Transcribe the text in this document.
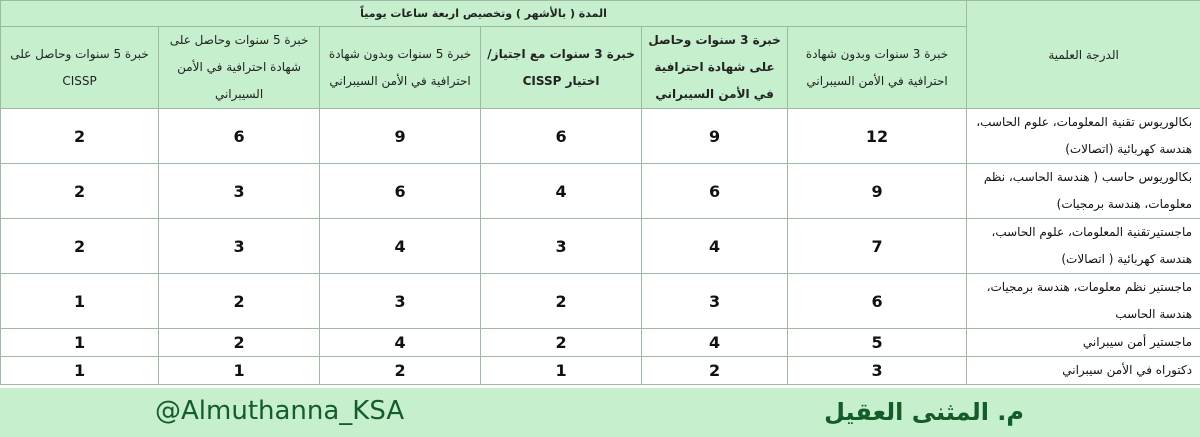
الدرجة العلمية	المدة ( بالأشهر ) وتخصيص اربعة ساعات يومياً					
	خبرة 3 سنوات وبدون شهادة احترافية في الأمن السيبراني	خبرة 3 سنوات وحاصل على شهادة احترافية في الأمن السيبراني	خبرة 3 سنوات مع اجتياز/اختيار CISSP	خبرة 5 سنوات وبدون شهادة احترافية في الأمن السيبراني	خبرة 5 سنوات وحاصل على شهادة احترافية في الأمن السيبراني	خبرة 5 سنوات وحاصل على CISSP
بكالوريوس تقنية المعلومات، علوم الحاسب، هندسة كهربائية (اتصالات)	12	9	6	9	6	2
بكالوريوس حاسب ( هندسة الحاسب، نظم معلومات، هندسة برمجيات)	9	6	4	6	3	2
ماجستيرتقنية المعلومات، علوم الحاسب، هندسة كهربائية ( اتصالات)	7	4	3	4	3	2
ماجستير نظم معلومات، هندسة برمجيات، هندسة الحاسب	6	3	2	3	2	1
ماجستير أمن سيبراني	5	4	2	4	2	1
دكتوراه في الأمن سيبراني	3	2	1	2	1	1
@Almuthanna_KSA	م. المثنى العقيل
